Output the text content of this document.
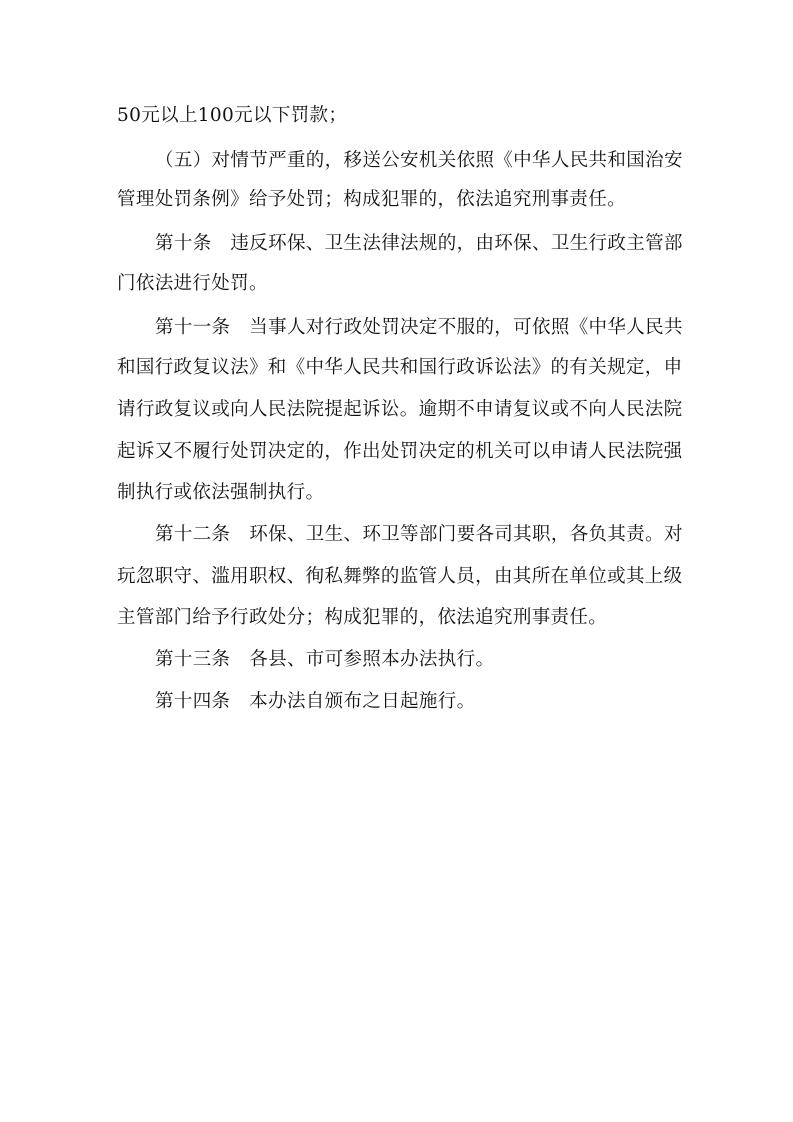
50元以上100元以下罚款；
（五）对情节严重的，移送公安机关依照《中华人民共和国治安
管理处罚条例》给予处罚；构成犯罪的，依法追究刑事责任。
第十条　违反环保、卫生法律法规的，由环保、卫生行政主管部
门依法进行处罚。
第十一条　当事人对行政处罚决定不服的，可依照《中华人民共
和国行政复议法》和《中华人民共和国行政诉讼法》的有关规定，申
请行政复议或向人民法院提起诉讼。逾期不申请复议或不向人民法院
起诉又不履行处罚决定的，作出处罚决定的机关可以申请人民法院强
制执行或依法强制执行。
第十二条　环保、卫生、环卫等部门要各司其职，各负其责。对
玩忽职守、滥用职权、徇私舞弊的监管人员，由其所在单位或其上级
主管部门给予行政处分；构成犯罪的，依法追究刑事责任。
第十三条　各县、市可参照本办法执行。
第十四条　本办法自颁布之日起施行。
